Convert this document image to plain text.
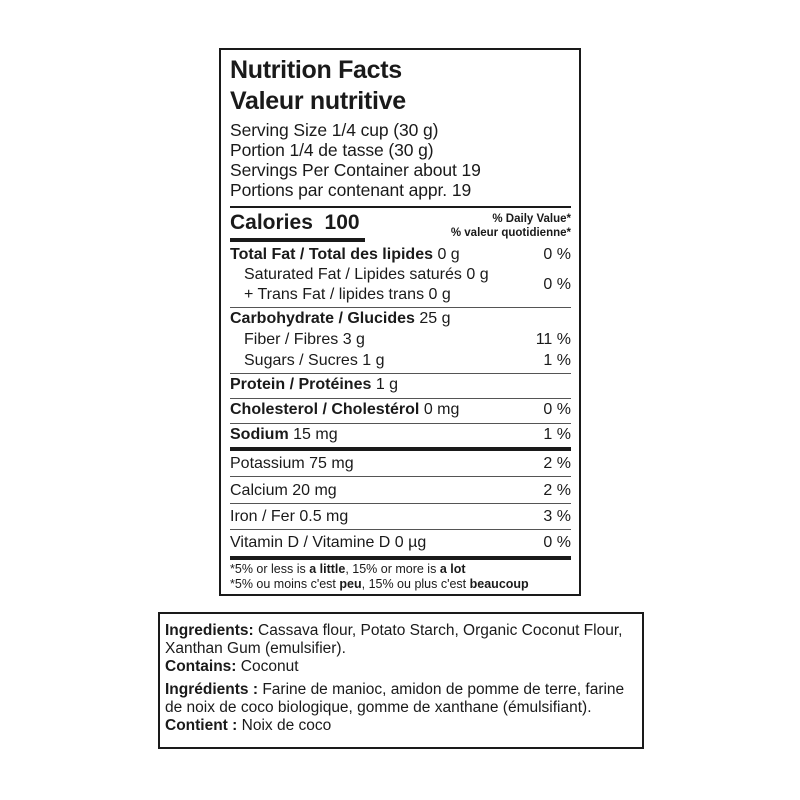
Nutrition Facts
Valeur nutritive
Serving Size 1/4 cup (30 g)
Portion 1/4 de tasse (30 g)
Servings Per Container about 19
Portions par contenant appr. 19
Calories 100	% Daily Value*
% valeur quotidienne*
Total Fat / Total des lipides 0 g	0 %
Saturated Fat / Lipides saturés 0 g
+ Trans Fat / lipides trans 0 g
0 %
Carbohydrate / Glucides 25 g
Fiber / Fibres 3 g	11 %
Sugars / Sucres 1 g	1 %
Protein / Protéines 1 g
Cholesterol / Cholestérol 0 mg	0 %
Sodium 15 mg	1 %
Potassium 75 mg	2 %
Calcium 20 mg	2 %
Iron / Fer 0.5 mg	3 %
Vitamin D / Vitamine D 0 µg	0 %
*5% or less is a little, 15% or more is a lot
*5% ou moins c'est peu, 15% ou plus c'est beaucoup

Ingredients: Cassava flour, Potato Starch, Organic Coconut Flour, Xanthan Gum (emulsifier).

Contains: Coconut

Ingrédients : Farine de manioc, amidon de pomme de terre, farine de noix de coco biologique, gomme de xanthane (émulsifiant).

Contient : Noix de coco
